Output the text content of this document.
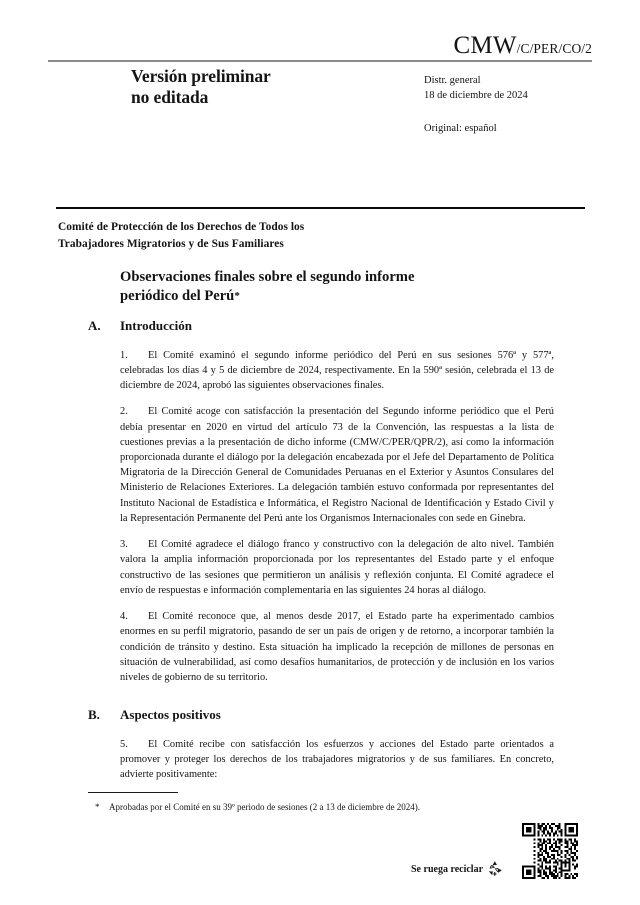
CMW/C/PER/CO/2
Versión preliminar
no editada
Distr. general
18 de diciembre de 2024
Original: español
Comité de Protección de los Derechos de Todos los
Trabajadores Migratorios y de Sus Familiares
Observaciones finales sobre el segundo informe
periódico del Perú*
A. Introducción
1. El Comité examinó el segundo informe periódico del Perú en sus sesiones 576ª y 577ª, celebradas los días 4 y 5 de diciembre de 2024, respectivamente. En la 590ª sesión, celebrada el 13 de diciembre de 2024, aprobó las siguientes observaciones finales.
2. El Comité acoge con satisfacción la presentación del Segundo informe periódico que el Perú debía presentar en 2020 en virtud del artículo 73 de la Convención, las respuestas a la lista de cuestiones previas a la presentación de dicho informe (CMW/C/PER/QPR/2), así como la información proporcionada durante el diálogo por la delegación encabezada por el Jefe del Departamento de Política Migratoria de la Dirección General de Comunidades Peruanas en el Exterior y Asuntos Consulares del Ministerio de Relaciones Exteriores. La delegación también estuvo conformada por representantes del Instituto Nacional de Estadística e Informática, el Registro Nacional de Identificación y Estado Civil y la Representación Permanente del Perú ante los Organismos Internacionales con sede en Ginebra.
3. El Comité agradece el diálogo franco y constructivo con la delegación de alto nivel. También valora la amplia información proporcionada por los representantes del Estado parte y el enfoque constructivo de las sesiones que permitieron un análisis y reflexión conjunta. El Comité agradece el envío de respuestas e información complementaria en las siguientes 24 horas al diálogo.
4. El Comité reconoce que, al menos desde 2017, el Estado parte ha experimentado cambios enormes en su perfil migratorio, pasando de ser un país de origen y de retorno, a incorporar también la condición de tránsito y destino. Esta situación ha implicado la recepción de millones de personas en situación de vulnerabilidad, así como desafíos humanitarios, de protección y de inclusión en los varios niveles de gobierno de su territorio.
B. Aspectos positivos
5. El Comité recibe con satisfacción los esfuerzos y acciones del Estado parte orientados a promover y proteger los derechos de los trabajadores migratorios y de sus familiares. En concreto, advierte positivamente:
* Aprobadas por el Comité en su 39º periodo de sesiones (2 a 13 de diciembre de 2024).
Se ruega reciclar
